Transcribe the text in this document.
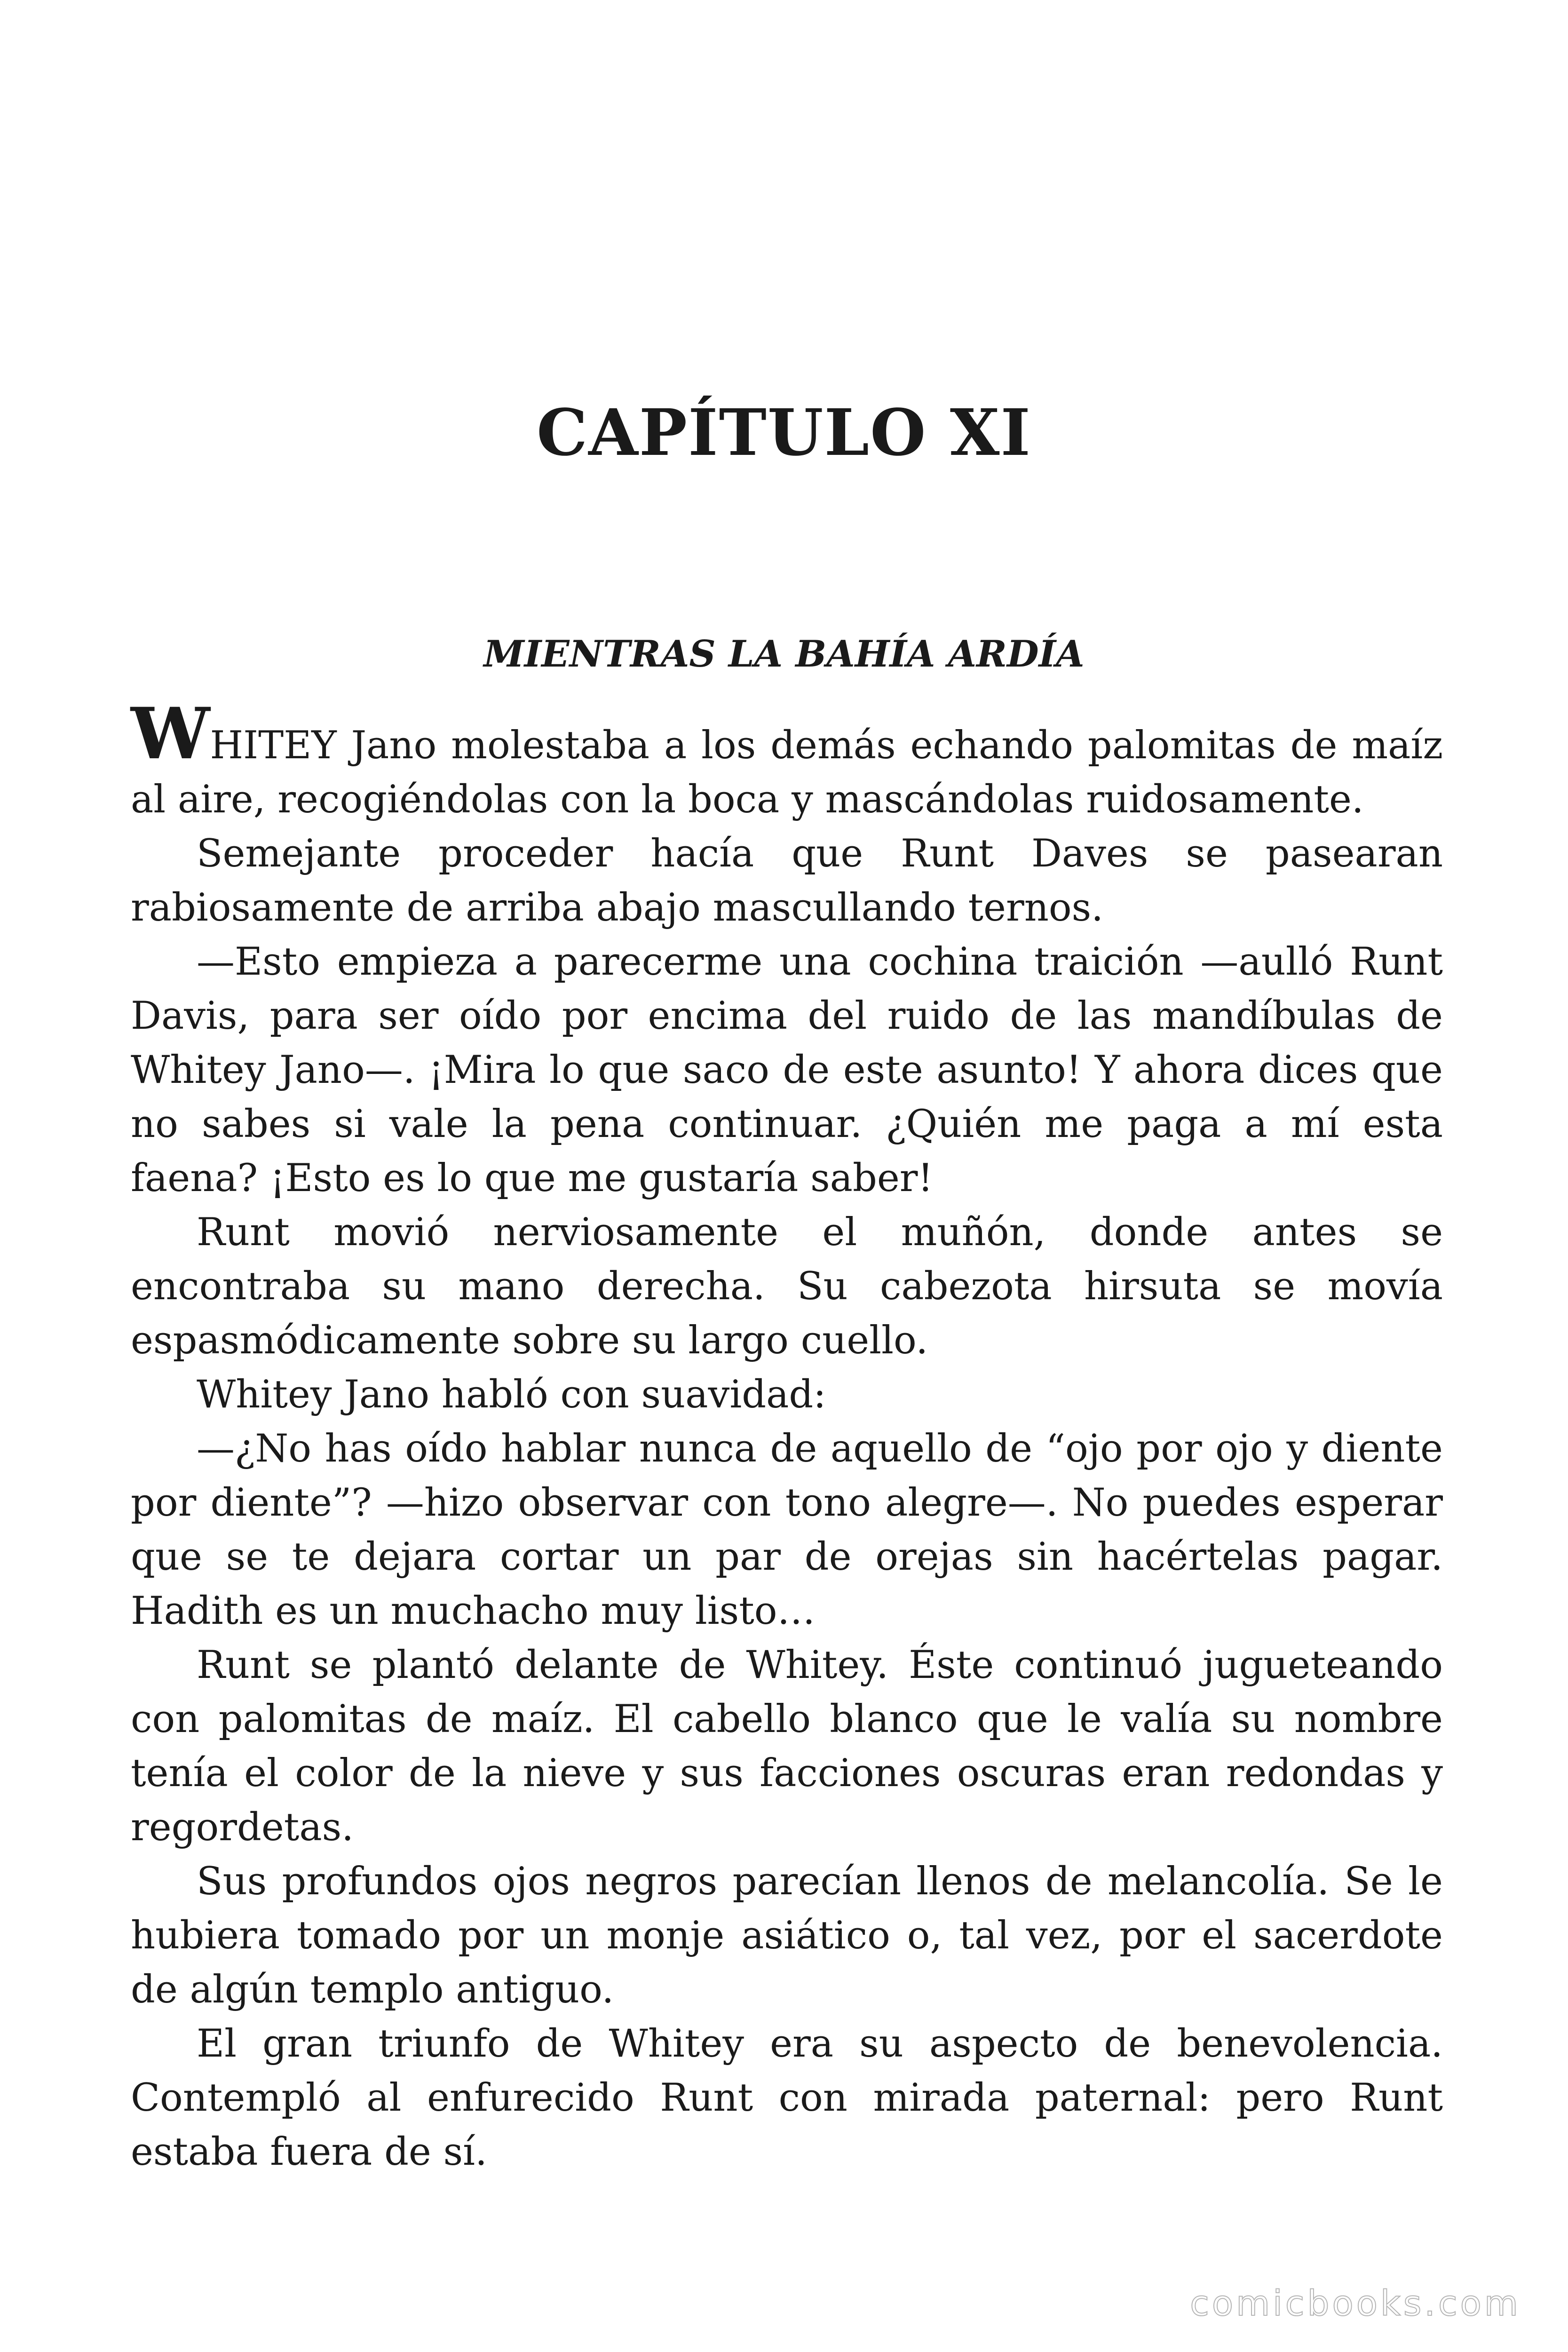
CAPÍTULO XI
MIENTRAS LA BAHÍA ARDÍA

WHITEY Jano molestaba a los demás echando palomitas de maíz al aire, recogiéndolas con la boca y mascándolas ruidosamente.

Semejante proceder hacía que Runt Daves se pasearan rabiosamente de arriba abajo mascullando ternos.

—Esto empieza a parecerme una cochina traición —aulló Runt Davis, para ser oído por encima del ruido de las mandíbulas de Whitey Jano—. ¡Mira lo que saco de este asunto! Y ahora dices que no sabes si vale la pena continuar. ¿Quién me paga a mí esta faena? ¡Esto es lo que me gustaría saber!

Runt movió nerviosamente el muñón, donde antes se encontraba su mano derecha. Su cabezota hirsuta se movía espasmódicamente sobre su largo cuello.

Whitey Jano habló con suavidad:

—¿No has oído hablar nunca de aquello de “ojo por ojo y diente por diente”? —hizo observar con tono alegre—. No puedes esperar que se te dejara cortar un par de orejas sin hacértelas pagar. Hadith es un muchacho muy listo…

Runt se plantó delante de Whitey. Éste continuó jugueteando con palomitas de maíz. El cabello blanco que le valía su nombre tenía el color de la nieve y sus facciones oscuras eran redondas y regordetas.

Sus profundos ojos negros parecían llenos de melancolía. Se le hubiera tomado por un monje asiático o, tal vez, por el sacerdote de algún templo antiguo.

El gran triunfo de Whitey era su aspecto de benevolencia. Contempló al enfurecido Runt con mirada paternal: pero Runt estaba fuera de sí.

comicbooks.com
